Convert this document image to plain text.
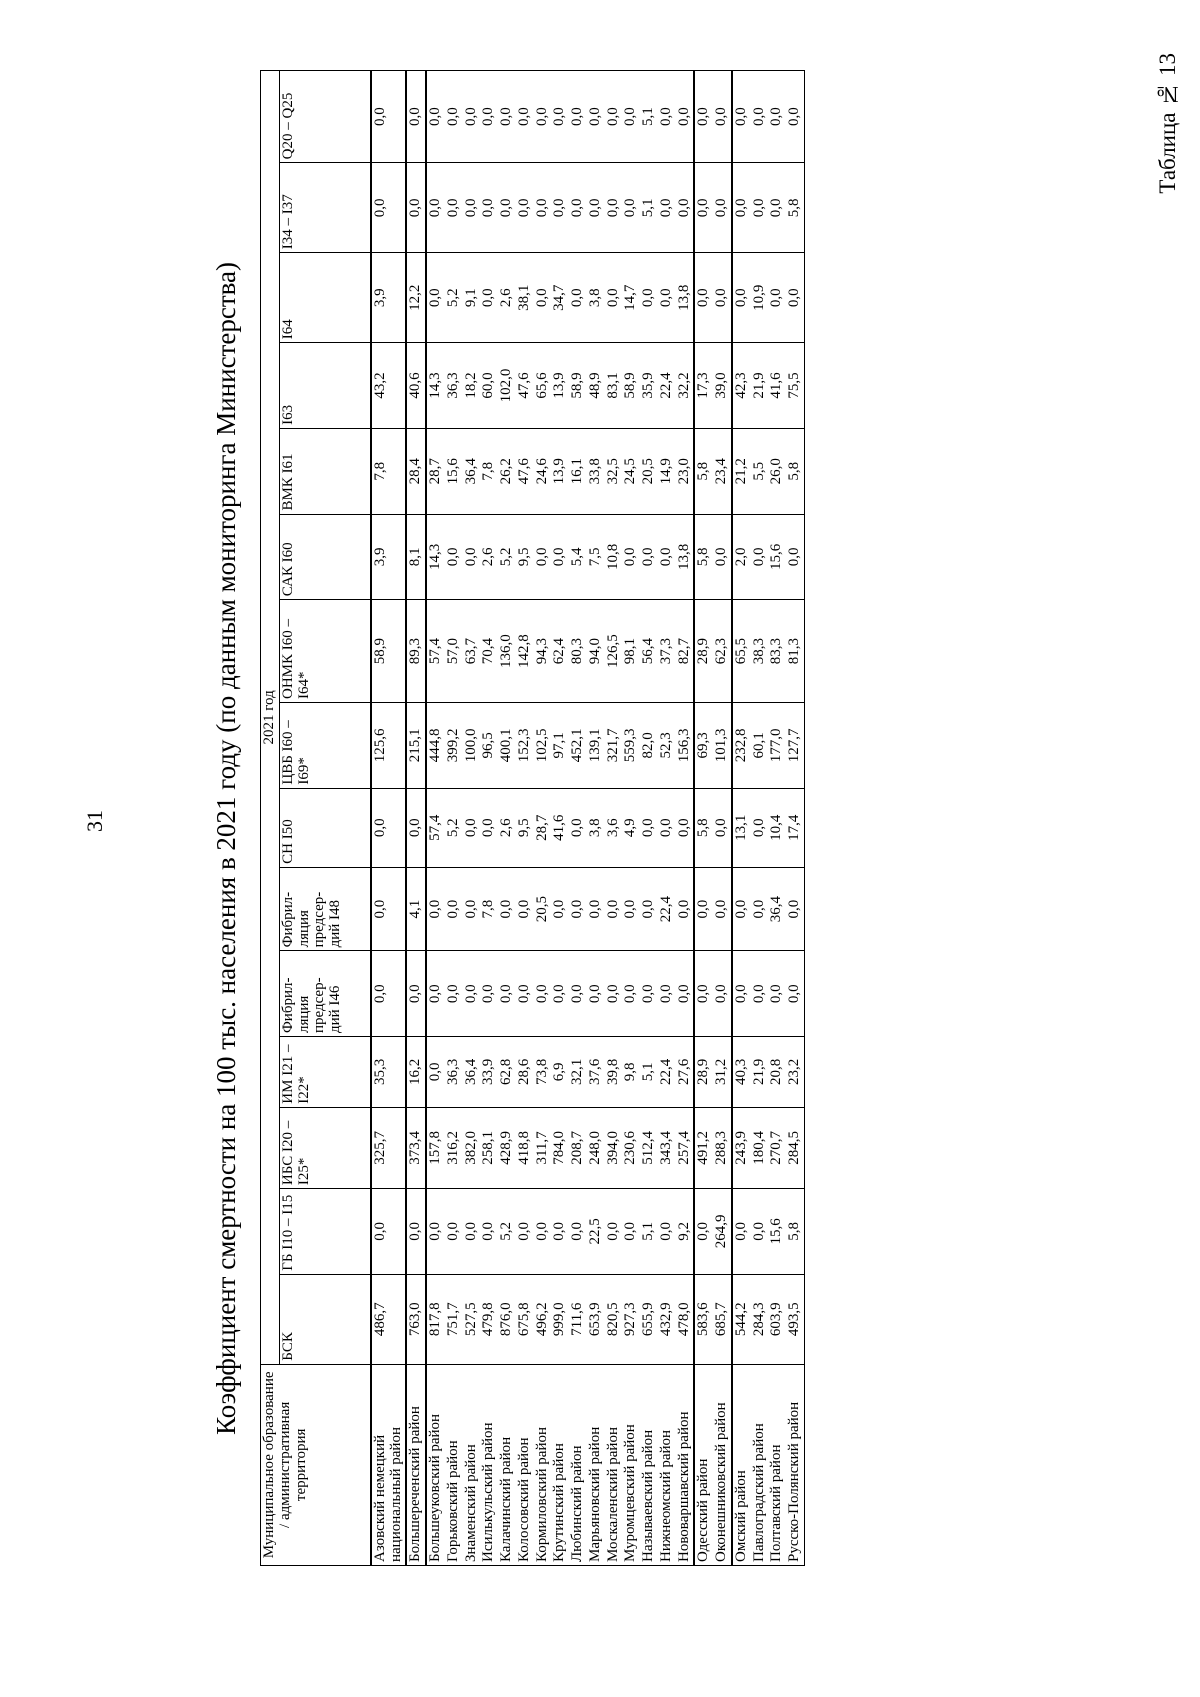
31	Коэффициент смертности на 100 тыс. населения в 2021 году (по данным мониторинга Министерства)
Таблица № 13
Муниципальное образование / административная территория	2021 год														
	БСК	ГБ I10 – I15	ИБС I20 – I25*	ИМ I21 – I22*	Фибрил-ляция предсер-дий I46	Фибрил-ляция предсер-дий I48	СН I50	ЦВБ I60 – I69*	ОНМК I60 – I64*	САК I60	ВМК I61	I63	I64	I34 – I37	Q20 – Q25
Азовский немецкий национальный район	486,7	0,0	325,7	35,3	0,0	0,0	0,0	125,6	58,9	3,9	7,8	43,2	3,9	0,0	0,0
Большереченский район	763,0	0,0	373,4	16,2	0,0	4,1	0,0	215,1	89,3	8,1	28,4	40,6	12,2	0,0	0,0
Большеуковский район	817,8	0,0	157,8	0,0	0,0	0,0	57,4	444,8	57,4	14,3	28,7	14,3	0,0	0,0	0,0
Горьковский район	751,7	0,0	316,2	36,3	0,0	0,0	5,2	399,2	57,0	0,0	15,6	36,3	5,2	0,0	0,0
Знаменский район	527,5	0,0	382,0	36,4	0,0	0,0	0,0	100,0	63,7	0,0	36,4	18,2	9,1	0,0	0,0
Исилькульский район	479,8	0,0	258,1	33,9	0,0	7,8	0,0	96,5	70,4	2,6	7,8	60,0	0,0	0,0	0,0
Калачинский район	876,0	5,2	428,9	62,8	0,0	0,0	2,6	400,1	136,0	5,2	26,2	102,0	2,6	0,0	0,0
Колосовский район	675,8	0,0	418,8	28,6	0,0	0,0	9,5	152,3	142,8	9,5	47,6	47,6	38,1	0,0	0,0
Кормиловский район	496,2	0,0	311,7	73,8	0,0	20,5	28,7	102,5	94,3	0,0	24,6	65,6	0,0	0,0	0,0
Крутинский район	999,0	0,0	784,0	6,9	0,0	0,0	41,6	97,1	62,4	0,0	13,9	13,9	34,7	0,0	0,0
Любинский район	711,6	0,0	208,7	32,1	0,0	0,0	0,0	452,1	80,3	5,4	16,1	58,9	0,0	0,0	0,0
Марьяновский район	653,9	22,5	248,0	37,6	0,0	0,0	3,8	139,1	94,0	7,5	33,8	48,9	3,8	0,0	0,0
Москаленский район	820,5	0,0	394,0	39,8	0,0	0,0	3,6	321,7	126,5	10,8	32,5	83,1	0,0	0,0	0,0
Муромцевский район	927,3	0,0	230,6	9,8	0,0	0,0	4,9	559,3	98,1	0,0	24,5	58,9	14,7	0,0	0,0
Называевский район	655,9	5,1	512,4	5,1	0,0	0,0	0,0	82,0	56,4	0,0	20,5	35,9	0,0	5,1	5,1
Нижнеомский район	432,9	0,0	343,4	22,4	0,0	22,4	0,0	52,3	37,3	0,0	14,9	22,4	0,0	0,0	0,0
Нововаршавский район	478,0	9,2	257,4	27,6	0,0	0,0	0,0	156,3	82,7	13,8	23,0	32,2	13,8	0,0	0,0
Одесский район	583,6	0,0	491,2	28,9	0,0	0,0	5,8	69,3	28,9	5,8	5,8	17,3	0,0	0,0	0,0
Оконешниковский район	685,7	264,9	288,3	31,2	0,0	0,0	0,0	101,3	62,3	0,0	23,4	39,0	0,0	0,0	0,0
Омский район	544,2	0,0	243,9	40,3	0,0	0,0	13,1	232,8	65,5	2,0	21,2	42,3	0,0	0,0	0,0
Павлоградский район	284,3	0,0	180,4	21,9	0,0	0,0	0,0	60,1	38,3	0,0	5,5	21,9	10,9	0,0	0,0
Полтавский район	603,9	15,6	270,7	20,8	0,0	36,4	10,4	177,0	83,3	15,6	26,0	41,6	0,0	0,0	0,0
Русско-Полянский район	493,5	5,8	284,5	23,2	0,0	0,0	17,4	127,7	81,3	0,0	5,8	75,5	0,0	5,8	0,0
